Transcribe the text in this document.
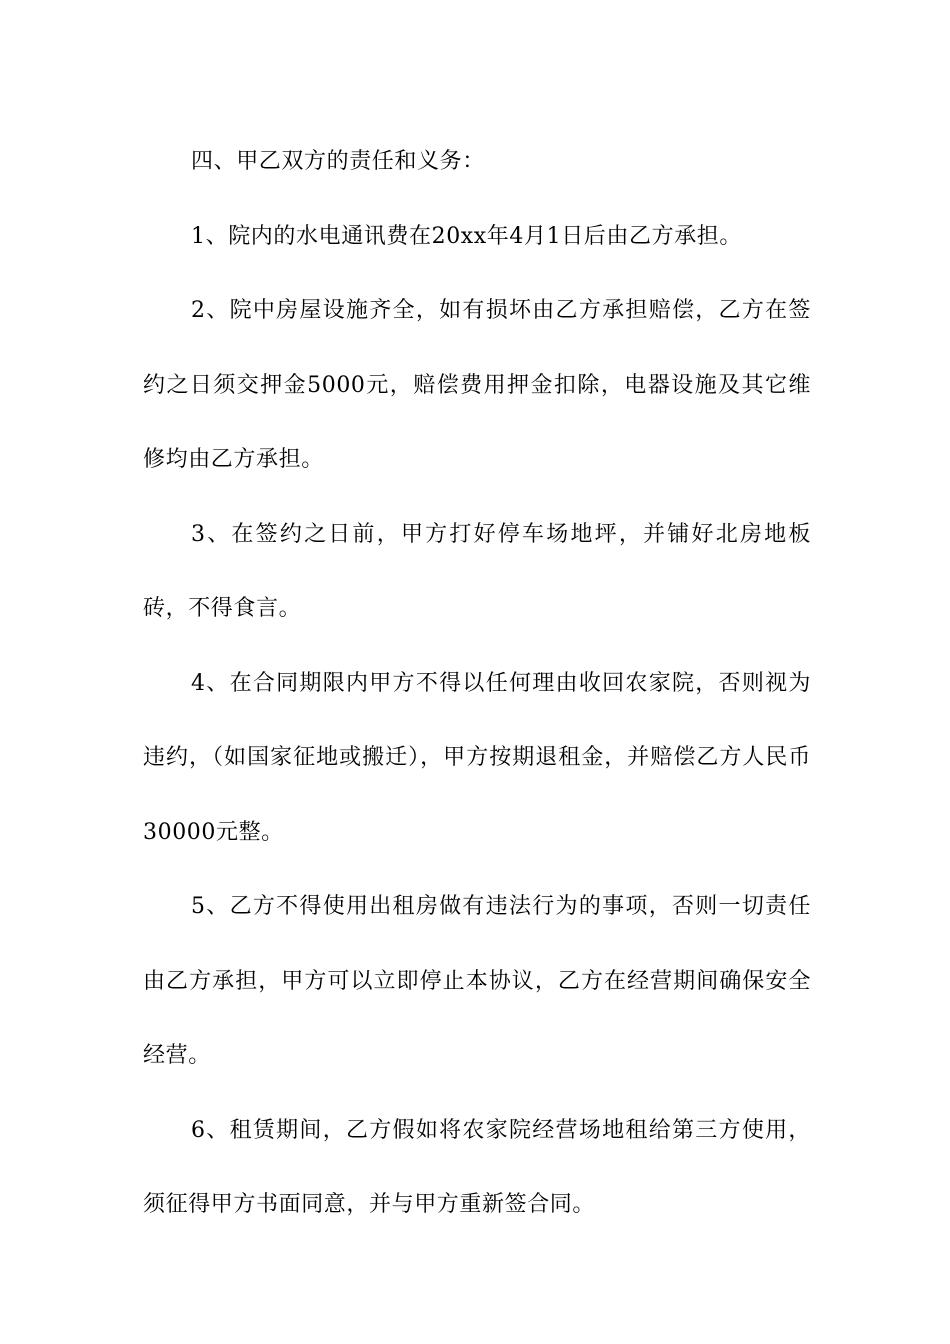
四、甲乙双方的责任和义务：

1、院内的水电通讯费在20xx年4月1日后由乙方承担。

2、院中房屋设施齐全，如有损坏由乙方承担赔偿，乙方在签约之日须交押金5000元，赔偿费用押金扣除，电器设施及其它维修均由乙方承担。

3、在签约之日前，甲方打好停车场地坪，并铺好北房地板砖，不得食言。

4、在合同期限内甲方不得以任何理由收回农家院，否则视为违约，（如国家征地或搬迁），甲方按期退租金，并赔偿乙方人民币30000元整。

5、乙方不得使用出租房做有违法行为的事项，否则一切责任由乙方承担，甲方可以立即停止本协议，乙方在经营期间确保安全经营。

6、租赁期间，乙方假如将农家院经营场地租给第三方使用，须征得甲方书面同意，并与甲方重新签合同。
